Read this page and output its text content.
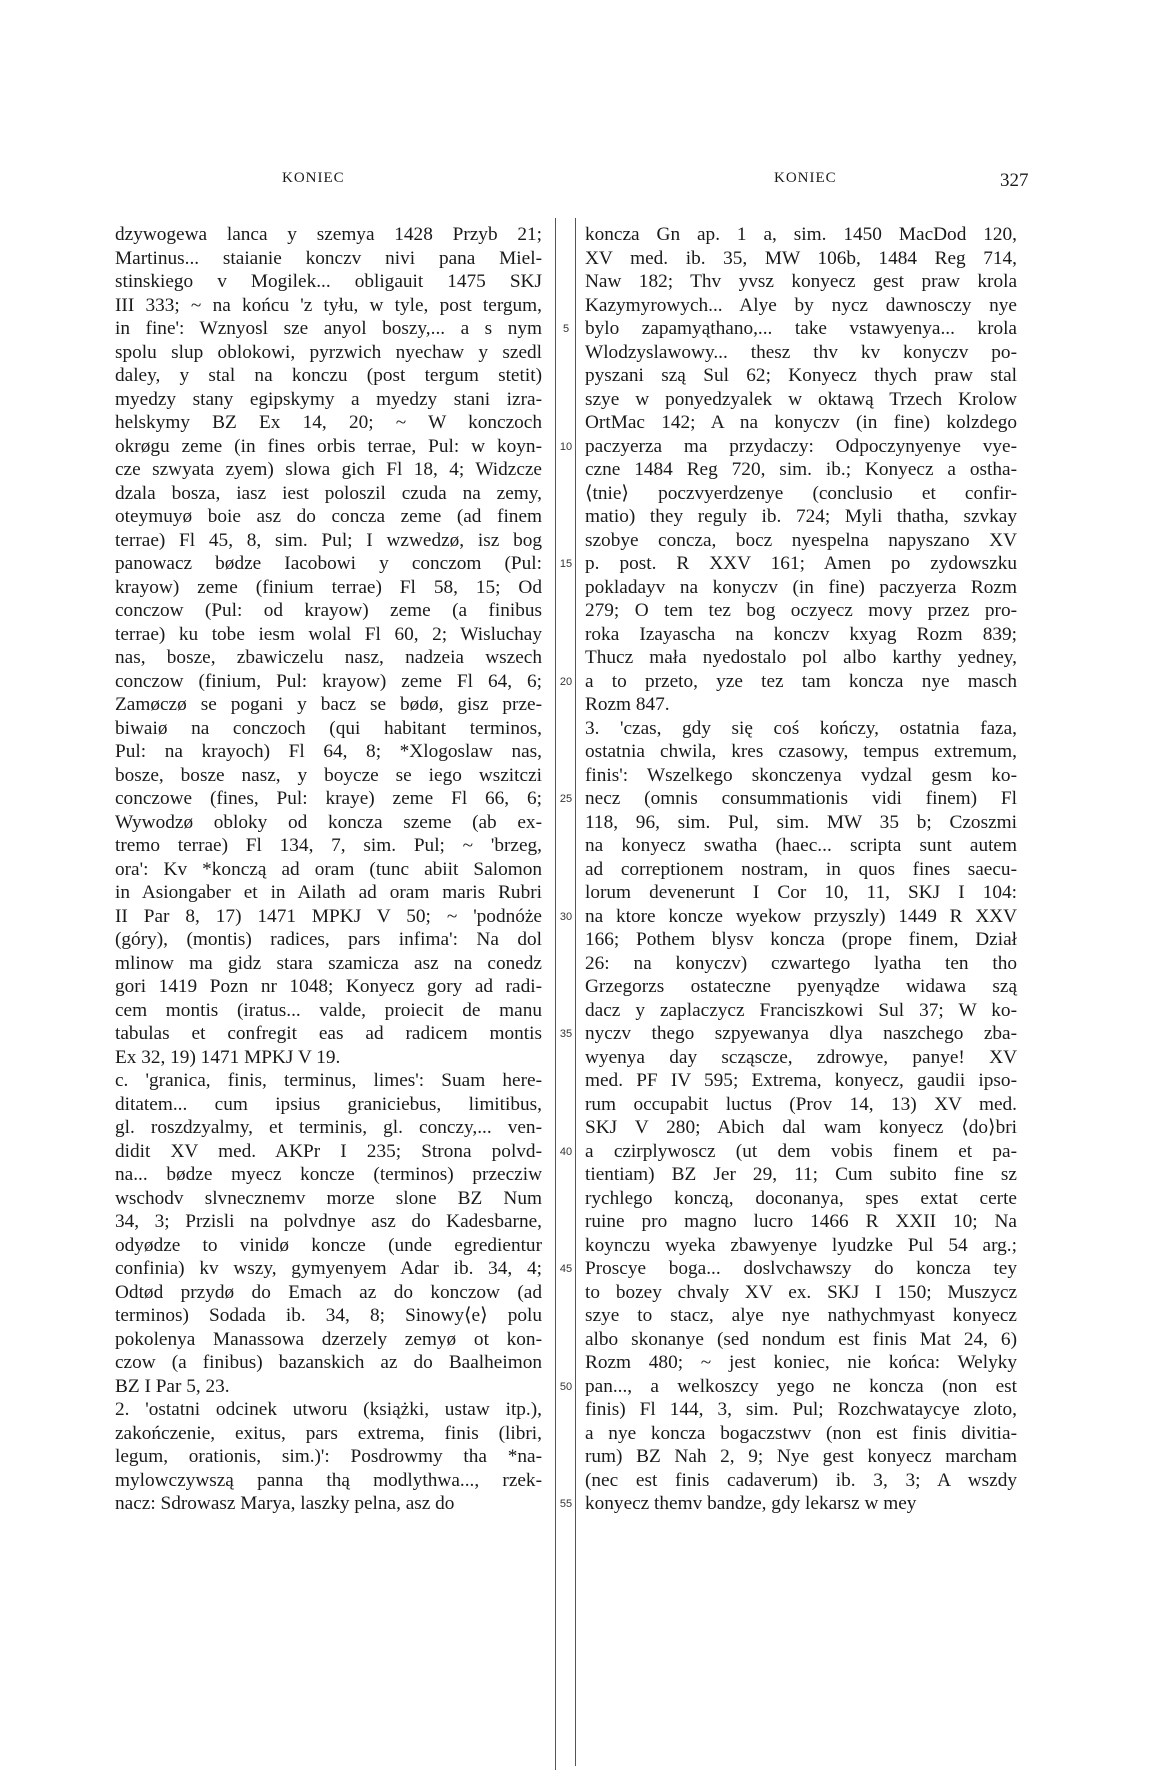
KONIEC	KONIEC	327
dzywogewa lanca y szemya 1428 Przyb 21;
Martinus... staianie konczv nivi pana Miel-
stinskiego v Mogilek... obligauit 1475 SKJ
III 333; ~ na końcu 'z tyłu, w tyle, post tergum,
in fine': Wznyosl sze anyol boszy,... a s nym
spolu slup oblokowi, pyrzwich nyechaw y szedl
daley, y stal na konczu (post tergum stetit)
myedzy stany egipskymy a myedzy stani izra-
helskymy BZ Ex 14, 20; ~ W konczoch
okrøgu zeme (in fines orbis terrae, Pul: w koyn-
cze szwyata zyem) slowa gich Fl 18, 4; Widzcze
dzala bosza, iasz iest poloszil czuda na zemy,
oteymuyø boie asz do concza zeme (ad finem
terrae) Fl 45, 8, sim. Pul; I wzwedzø, isz bog
panowacz bødze Iacobowi y conczom (Pul:
krayow) zeme (finium terrae) Fl 58, 15; Od
conczow (Pul: od krayow) zeme (a finibus
terrae) ku tobe iesm wolal Fl 60, 2; Wisluchay
nas, bosze, zbawiczelu nasz, nadzeia wszech
conczow (finium, Pul: krayow) zeme Fl 64, 6;
Zamøczø se pogani y bacz se bødø, gisz prze-
biwaiø na conczoch (qui habitant terminos,
Pul: na krayoch) Fl 64, 8; *Xlogoslaw nas,
bosze, bosze nasz, y boycze se iego wszitczi
conczowe (fines, Pul: kraye) zeme Fl 66, 6;
Wywodzø obloky od koncza szeme (ab ex-
tremo terrae) Fl 134, 7, sim. Pul; ~ 'brzeg,
ora': Kv *konczą ad oram (tunc abiit Salomon
in Asiongaber et in Ailath ad oram maris Rubri
II Par 8, 17) 1471 MPKJ V 50; ~ 'podnóże
(góry), (montis) radices, pars infima': Na dol
mlinow ma gidz stara szamicza asz na conedz
gori 1419 Pozn nr 1048; Konyecz gory ad radi-
cem montis (iratus... valde, proiecit de manu
tabulas et confregit eas ad radicem montis
Ex 32, 19) 1471 MPKJ V 19.
c. 'granica, finis, terminus, limes': Suam here-
ditatem... cum ipsius graniciebus, limitibus,
gl. roszdzyalmy, et terminis, gl. conczy,... ven-
didit XV med. AKPr I 235; Strona polvd-
na... bødze myecz koncze (terminos) przecziw
wschodv slvnecznemv morze slone BZ Num
34, 3; Przisli na polvdnye asz do Kadesbarne,
odyødze to vinidø koncze (unde egredientur
confinia) kv wszy, gymyenyem Adar ib. 34, 4;
Odtød przydø do Emach az do konczow (ad
terminos) Sodada ib. 34, 8; Sinowy⟨e⟩ polu
pokolenya Manassowa dzerzely zemyø ot kon-
czow (a finibus) bazanskich az do Baalheimon
BZ I Par 5, 23.
2. 'ostatni odcinek utworu (książki, ustaw itp.),
zakończenie, exitus, pars extrema, finis (libri,
legum, orationis, sim.)': Posdrowmy tha *na-
mylowczywszą panna thą modlythwa..., rzek-
nacz: Sdrowasz Marya, laszky pelna, asz do
5
10
15
20
25
30
35
40
45
50
55
koncza Gn ap. 1 a, sim. 1450 MacDod 120,
XV med. ib. 35, MW 106b, 1484 Reg 714,
Naw 182; Thv yvsz konyecz gest praw krola
Kazymyrowych... Alye by nycz dawnosczy nye
bylo zapamyąthano,... take vstawyenya... krola
Wlodzyslawowy... thesz thv kv konyczv po-
pyszani szą Sul 62; Konyecz thych praw stal
szye w ponyedzyalek w oktawą Trzech Krolow
OrtMac 142; A na konyczv (in fine) kolzdego
paczyerza ma przydaczy: Odpoczynyenye vye-
czne 1484 Reg 720, sim. ib.; Konyecz a ostha-
⟨tnie⟩ poczvyerdzenye (conclusio et confir-
matio) they reguly ib. 724; Myli thatha, szvkay
szobye concza, bocz nyespelna napyszano XV
p. post. R XXV 161; Amen po zydowszku
pokladayv na konyczv (in fine) paczyerza Rozm
279; O tem tez bog oczyecz movy przez pro-
roka Izayascha na konczv kxyag Rozm 839;
Thucz mała nyedostalo pol albo karthy yedney,
a to przeto, yze tez tam koncza nye masch
Rozm 847.
3. 'czas, gdy się coś kończy, ostatnia faza,
ostatnia chwila, kres czasowy, tempus extremum,
finis': Wszelkego skonczenya vydzal gesm ko-
necz (omnis consummationis vidi finem) Fl
118, 96, sim. Pul, sim. MW 35 b; Czoszmi
na konyecz swatha (haec... scripta sunt autem
ad correptionem nostram, in quos fines saecu-
lorum devenerunt I Cor 10, 11, SKJ I 104:
na ktore koncze wyekow przyszly) 1449 R XXV
166; Pothem blysv koncza (prope finem, Dział
26: na konyczv) czwartego lyatha ten tho
Grzegorzs ostateczne pyenyądze widawa szą
dacz y zaplaczycz Franciszkowi Sul 37; W ko-
nyczv thego szpyewanya dlya naszchego zba-
wyenya day scząscze, zdrowye, panye! XV
med. PF IV 595; Extrema, konyecz, gaudii ipso-
rum occupabit luctus (Prov 14, 13) XV med.
SKJ V 280; Abich dal wam konyecz ⟨do⟩bri
a czirplywoscz (ut dem vobis finem et pa-
tientiam) BZ Jer 29, 11; Cum subito fine sz
rychlego konczą, doconanya, spes extat certe
ruine pro magno lucro 1466 R XXII 10; Na
koynczu wyeka zbawyenye lyudzke Pul 54 arg.;
Proscye boga... doslvchawszy do koncza tey
to bozey chvaly XV ex. SKJ I 150; Muszycz
szye to stacz, alye nye nathychmyast konyecz
albo skonanye (sed nondum est finis Mat 24, 6)
Rozm 480; ~ jest koniec, nie końca: Welyky
pan..., a welkoszcy yego ne koncza (non est
finis) Fl 144, 3, sim. Pul; Rozchwataycye zloto,
a nye koncza bogaczstwv (non est finis divitia-
rum) BZ Nah 2, 9; Nye gest konyecz marcham
(nec est finis cadaverum) ib. 3, 3; A wszdy
konyecz themv bandze, gdy lekarsz w mey
